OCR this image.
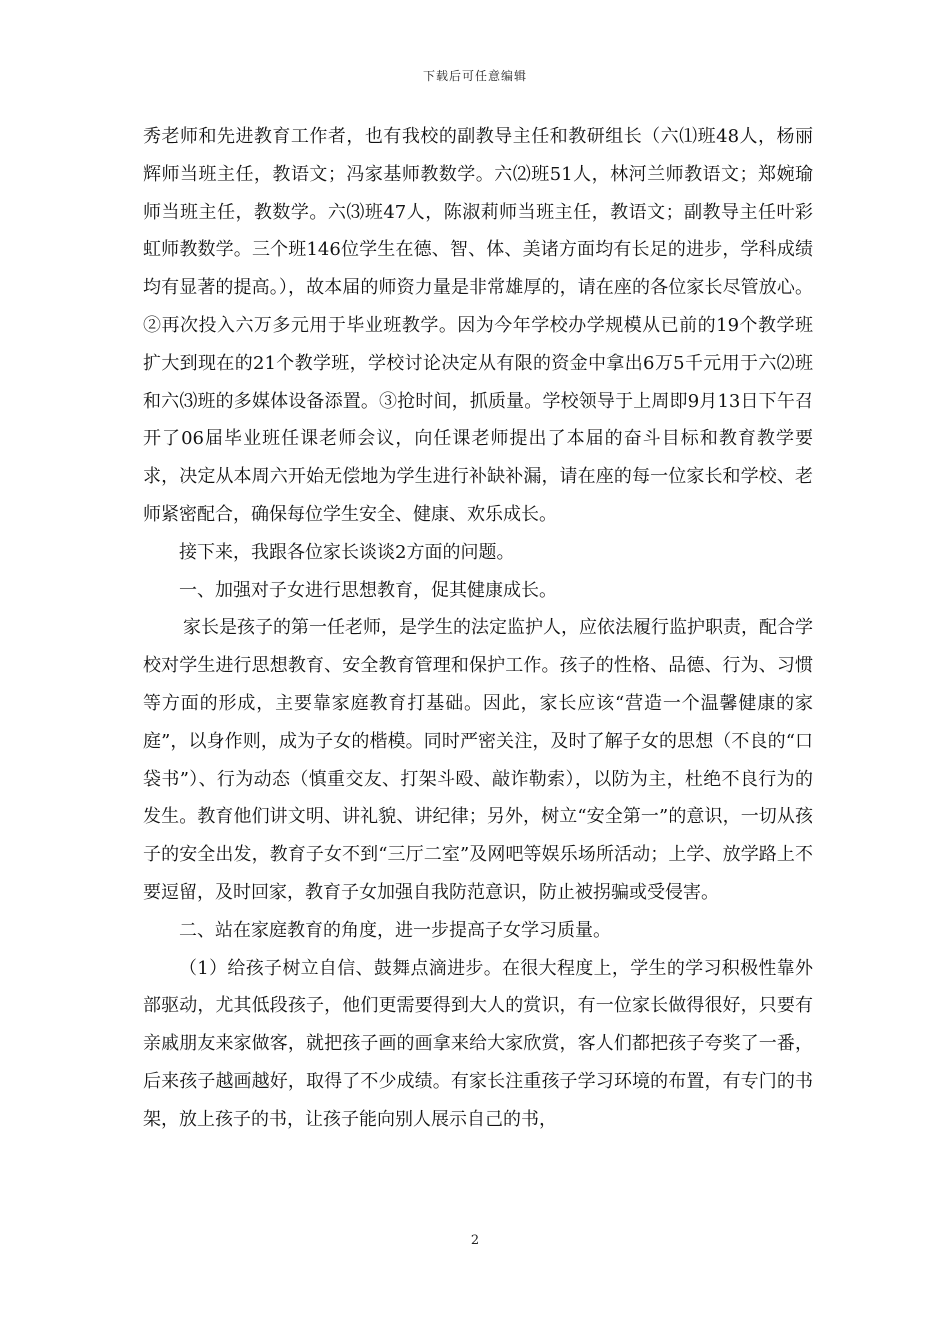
下载后可任意编辑

秀老师和先进教育工作者，也有我校的副教导主任和教研组长（六⑴班48人，杨丽辉师当班主任，教语文；冯家基师教数学。六⑵班51人，林河兰师教语文；郑婉瑜师当班主任，教数学。六⑶班47人，陈淑莉师当班主任，教语文；副教导主任叶彩虹师教数学。三个班146位学生在德、智、体、美诸方面均有长足的进步，学科成绩均有显著的提高。），故本届的师资力量是非常雄厚的，请在座的各位家长尽管放心。②再次投入六万多元用于毕业班教学。因为今年学校办学规模从已前的19个教学班扩大到现在的21个教学班，学校讨论决定从有限的资金中拿出6万5千元用于六⑵班和六⑶班的多媒体设备添置。③抢时间，抓质量。学校领导于上周即9月13日下午召开了06届毕业班任课老师会议，向任课老师提出了本届的奋斗目标和教育教学要求，决定从本周六开始无偿地为学生进行补缺补漏，请在座的每一位家长和学校、老师紧密配合，确保每位学生安全、健康、欢乐成长。

接下来，我跟各位家长谈谈2方面的问题。

一、加强对子女进行思想教育，促其健康成长。

家长是孩子的第一任老师，是学生的法定监护人，应依法履行监护职责，配合学校对学生进行思想教育、安全教育管理和保护工作。孩子的性格、品德、行为、习惯等方面的形成，主要靠家庭教育打基础。因此，家长应该“营造一个温馨健康的家庭”，以身作则，成为子女的楷模。同时严密关注，及时了解子女的思想（不良的“口袋书”）、行为动态（慎重交友、打架斗殴、敲诈勒索），以防为主，杜绝不良行为的发生。教育他们讲文明、讲礼貌、讲纪律；另外，树立“安全第一”的意识，一切从孩子的安全出发，教育子女不到“三厅二室”及网吧等娱乐场所活动；上学、放学路上不要逗留，及时回家，教育子女加强自我防范意识，防止被拐骗或受侵害。

二、站在家庭教育的角度，进一步提高子女学习质量。

（1）给孩子树立自信、鼓舞点滴进步。在很大程度上，学生的学习积极性靠外部驱动，尤其低段孩子，他们更需要得到大人的赏识，有一位家长做得很好，只要有亲戚朋友来家做客，就把孩子画的画拿来给大家欣赏，客人们都把孩子夸奖了一番，后来孩子越画越好，取得了不少成绩。有家长注重孩子学习环境的布置，有专门的书架，放上孩子的书，让孩子能向别人展示自己的书，

2
